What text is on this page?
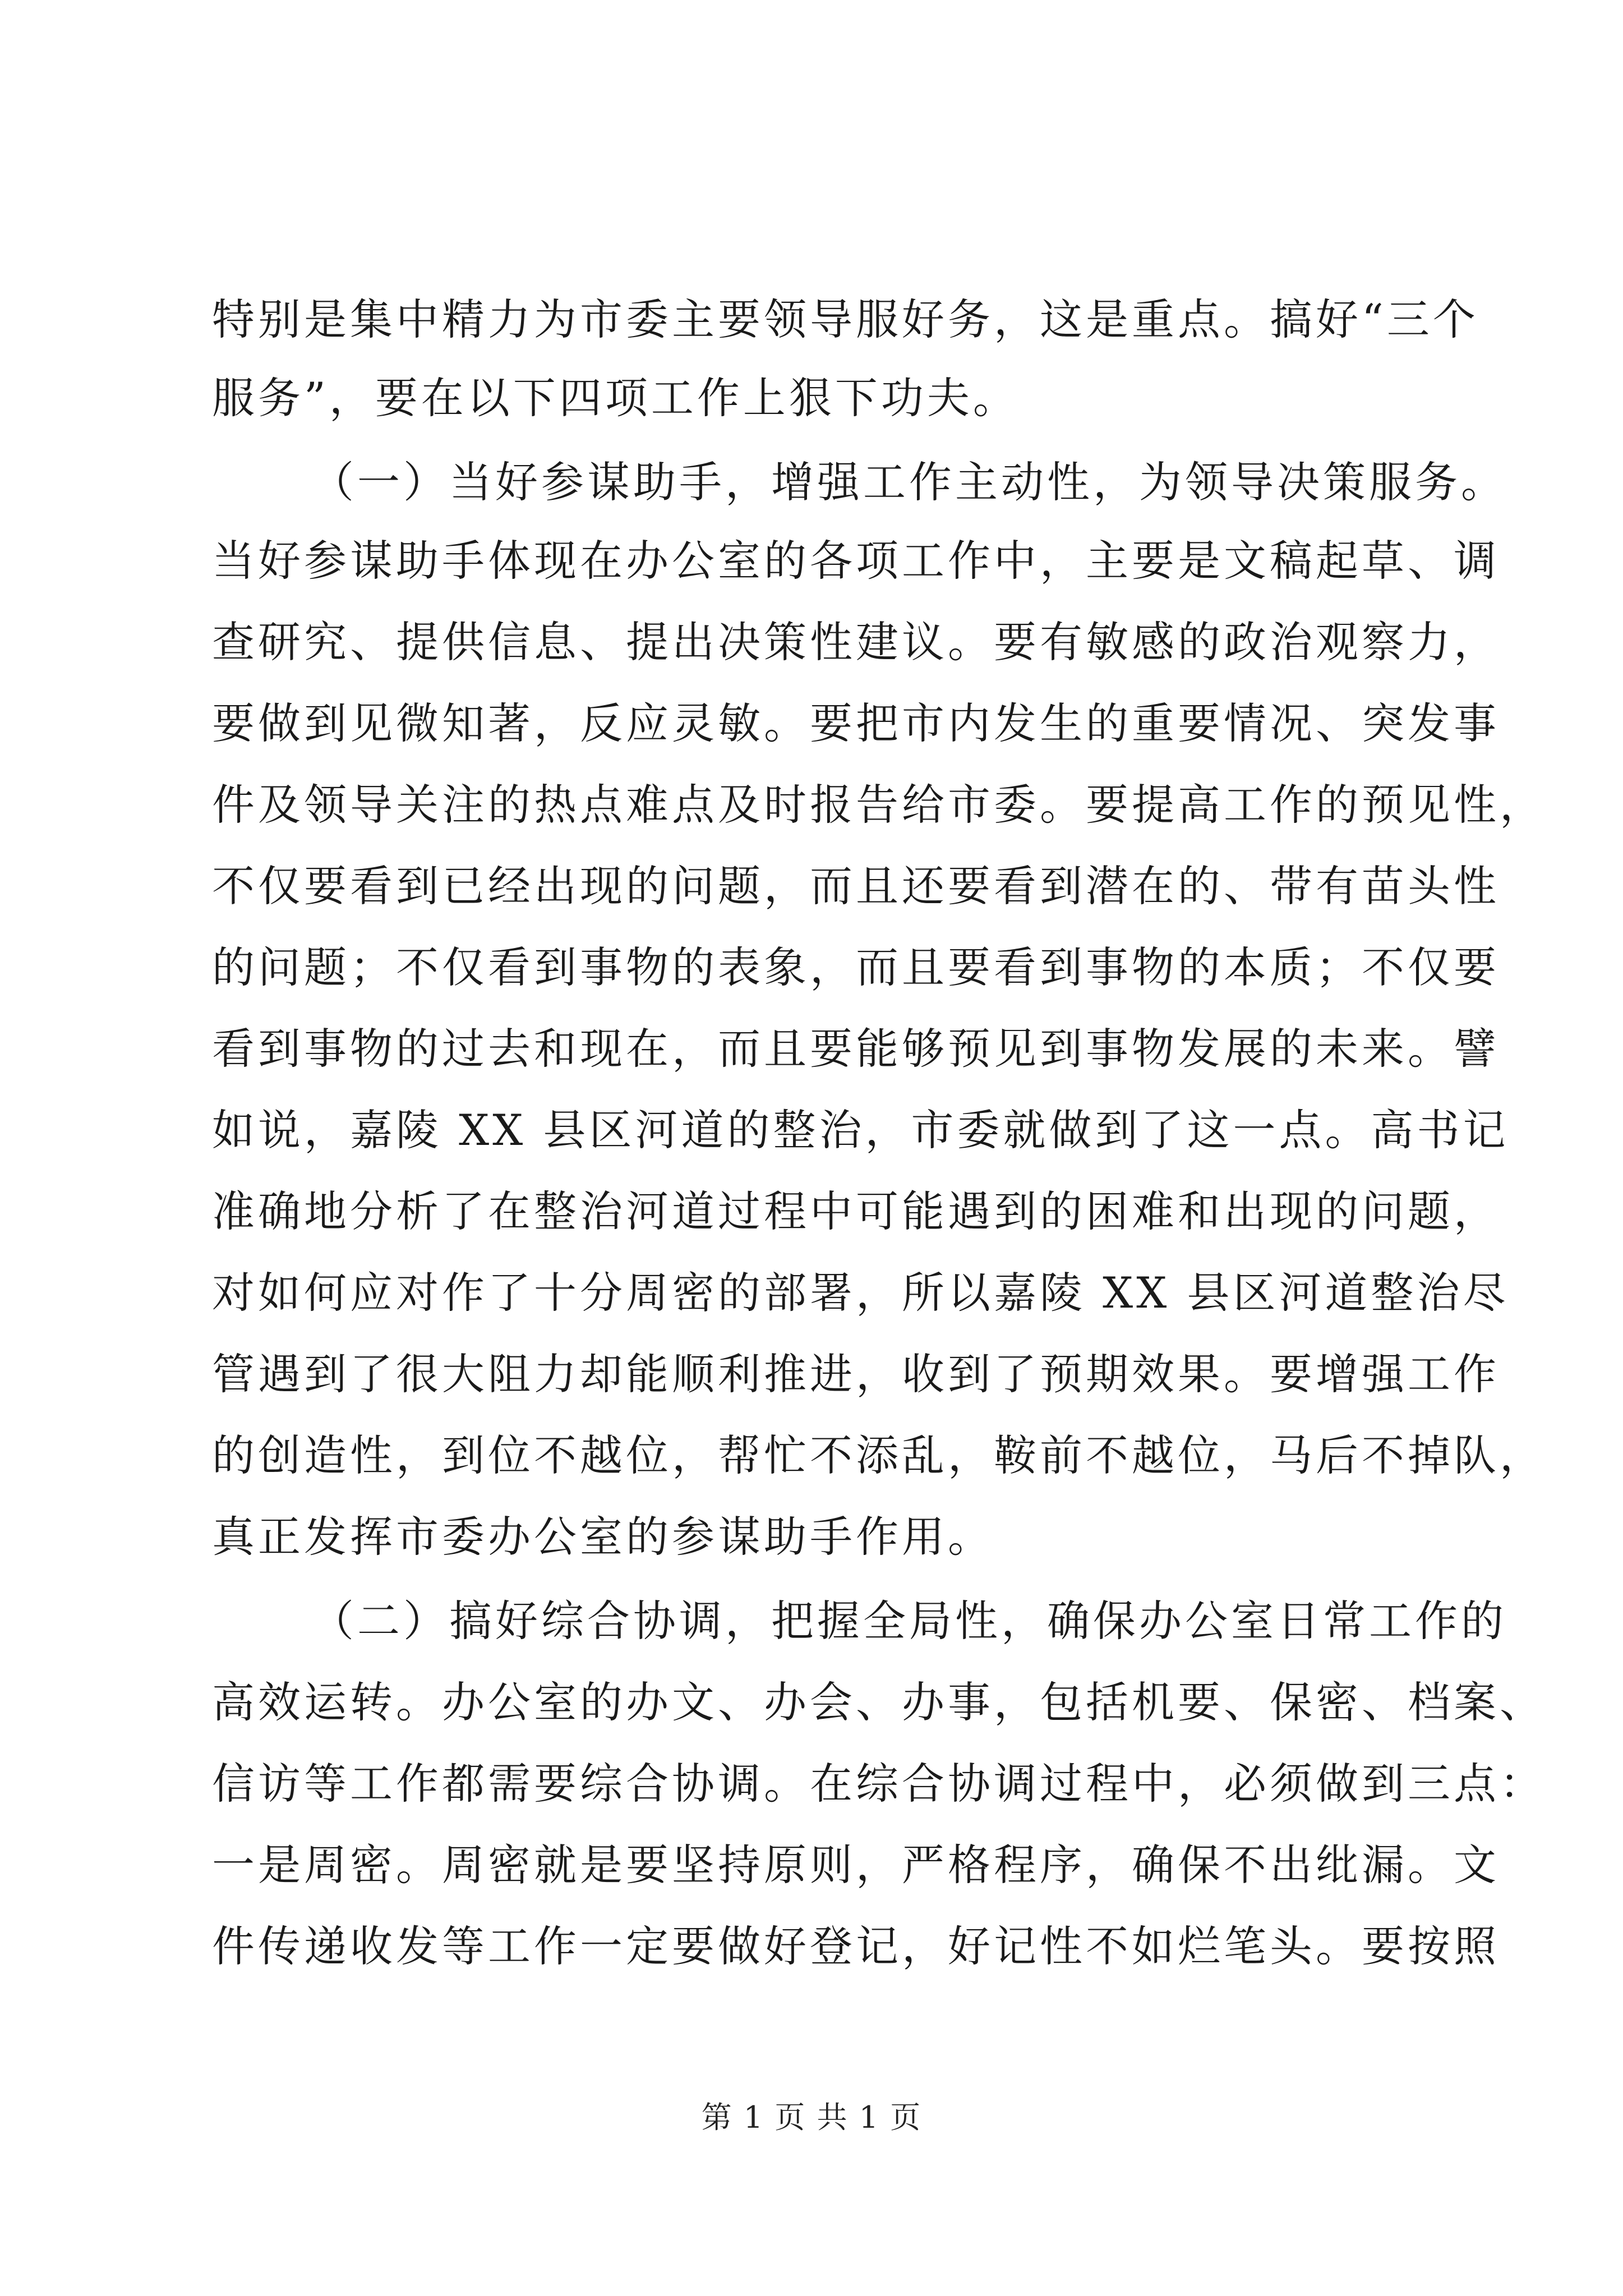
特别是集中精力为市委主要领导服好务，这是重点。搞好“三个
服务”，要在以下四项工作上狠下功夫。
（一）当好参谋助手，增强工作主动性，为领导决策服务。
当好参谋助手体现在办公室的各项工作中，主要是文稿起草、调
查研究、提供信息、提出决策性建议。要有敏感的政治观察力，
要做到见微知著，反应灵敏。要把市内发生的重要情况、突发事
件及领导关注的热点难点及时报告给市委。要提高工作的预见性，
不仅要看到已经出现的问题，而且还要看到潜在的、带有苗头性
的问题；不仅看到事物的表象，而且要看到事物的本质；不仅要
看到事物的过去和现在，而且要能够预见到事物发展的未来。譬
如说，嘉陵 XX 县区河道的整治，市委就做到了这一点。高书记
准确地分析了在整治河道过程中可能遇到的困难和出现的问题，
对如何应对作了十分周密的部署，所以嘉陵 XX 县区河道整治尽
管遇到了很大阻力却能顺利推进，收到了预期效果。要增强工作
的创造性，到位不越位，帮忙不添乱，鞍前不越位，马后不掉队，
真正发挥市委办公室的参谋助手作用。
（二）搞好综合协调，把握全局性，确保办公室日常工作的
高效运转。办公室的办文、办会、办事，包括机要、保密、档案、
信访等工作都需要综合协调。在综合协调过程中，必须做到三点：
一是周密。周密就是要坚持原则，严格程序，确保不出纰漏。文
件传递收发等工作一定要做好登记，好记性不如烂笔头。要按照
第 1 页 共 1 页
